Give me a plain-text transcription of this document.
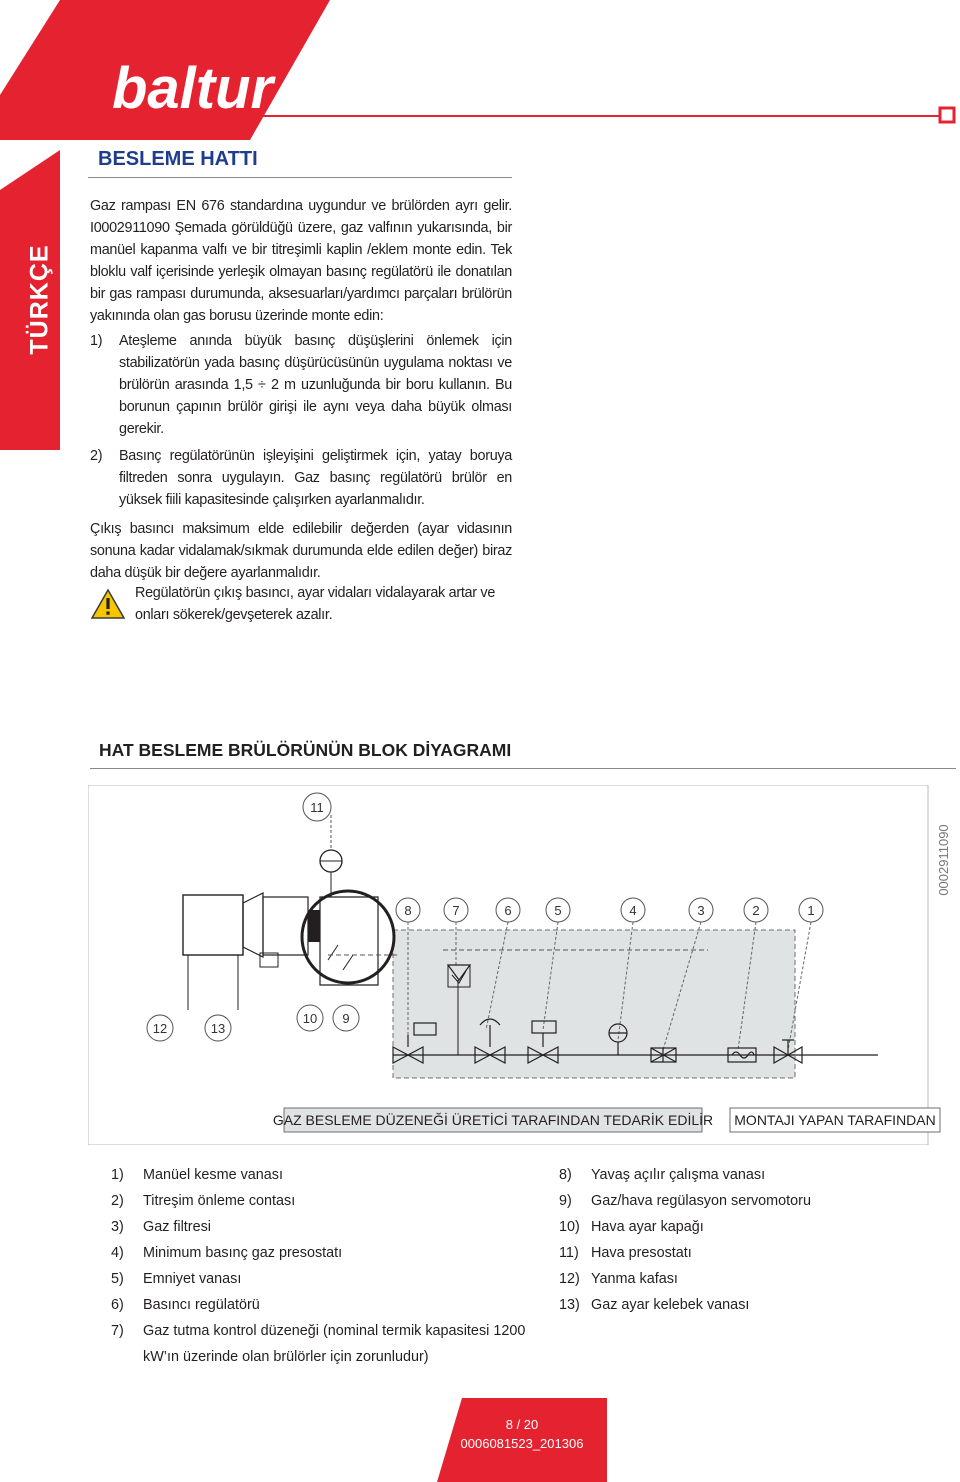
baltur
TÜRKÇE
BESLEME HATTI

Gaz rampası EN 676 standardına uygundur ve brülörden ayrı gelir. I0002911090 Şemada görüldüğü üzere, gaz valfının yukarısında, bir manüel kapanma valfı ve bir titreşimli kaplin /eklem monte edin. Tek bloklu valf içerisinde yerleşik olmayan basınç regülatörü ile donatılan bir gas rampası durumunda, aksesuarları/yardımcı parçaları brülörün yakınında olan gas borusu üzerinde monte edin:

1) Ateşleme anında büyük basınç düşüşlerini önlemek için stabilizatörün yada basınç düşürücüsünün uygulama noktası ve brülörün arasında 1,5 ÷ 2 m uzunluğunda bir boru kullanın. Bu borunun çapının brülör girişi ile aynı veya daha büyük olması gerekir.
2) Basınç regülatörünün işleyişini geliştirmek için, yatay boruya filtreden sonra uygulayın. Gaz basınç regülatörü brülör en yüksek fiili kapasitesinde çalışırken ayarlanmalıdır.

Çıkış basıncı maksimum elde edilebilir değerden (ayar vidasının sonuna kadar vidalamak/sıkmak durumunda elde edilen değer) biraz daha düşük bir değere ayarlanmalıdır.

Regülatörün çıkış basıncı, ayar vidaları vidalayarak artar ve onları sökerek/gevşeterek azalır.
HAT BESLEME BRÜLÖRÜNÜN BLOK DİYAGRAMI
0002911090
11
8	7	6	5	4	3	2	1
12	13
10 9
GAZ BESLEME DÜZENEĞİ ÜRETİCİ TARAFINDAN TEDARİK EDİLİR MONTAJI YAPAN TARAFINDAN
1) Manüel kesme vanası
2) Titreşim önleme contası
3) Gaz filtresi
4) Minimum basınç gaz presostatı
5) Emniyet vanası
6) Basıncı regülatörü
7) Gaz tutma kontrol düzeneği (nominal termik kapasitesi 1200
kW’ın üzerinde olan brülörler için zorunludur)
8) Yavaş açılır çalışma vanası
9) Gaz/hava regülasyon servomotoru
10) Hava ayar kapağı
11) Hava presostatı
12) Yanma kafası
13) Gaz ayar kelebek vanası
8 / 20
0006081523_201306
